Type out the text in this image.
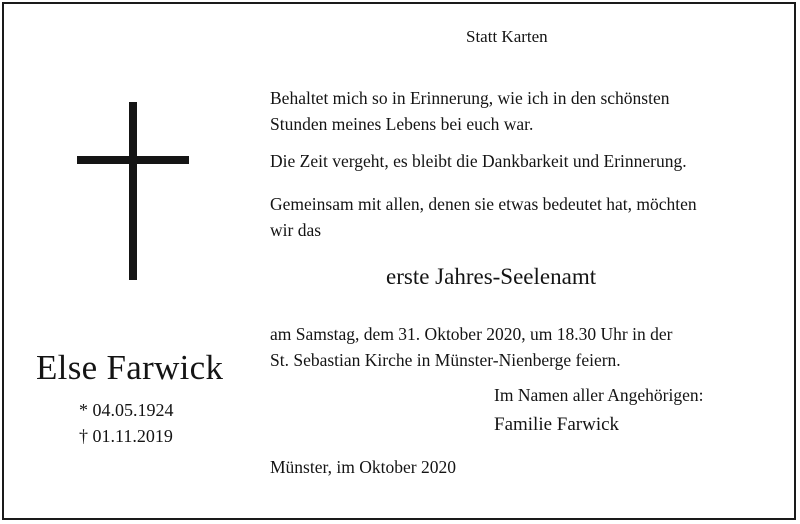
Statt Karten
Behaltet mich so in Erinnerung, wie ich in den schönsten
Stunden meines Lebens bei euch war.
Die Zeit vergeht, es bleibt die Dankbarkeit und Erinnerung.
Gemeinsam mit allen, denen sie etwas bedeutet hat, möchten
wir das
erste Jahres-Seelenamt
am Samstag, dem 31. Oktober 2020, um 18.30 Uhr in der
St. Sebastian Kirche in Münster-Nienberge feiern.
Im Namen aller Angehörigen:
Familie Farwick
Münster, im Oktober 2020
Else Farwick
* 04.05.1924
† 01.11.2019
